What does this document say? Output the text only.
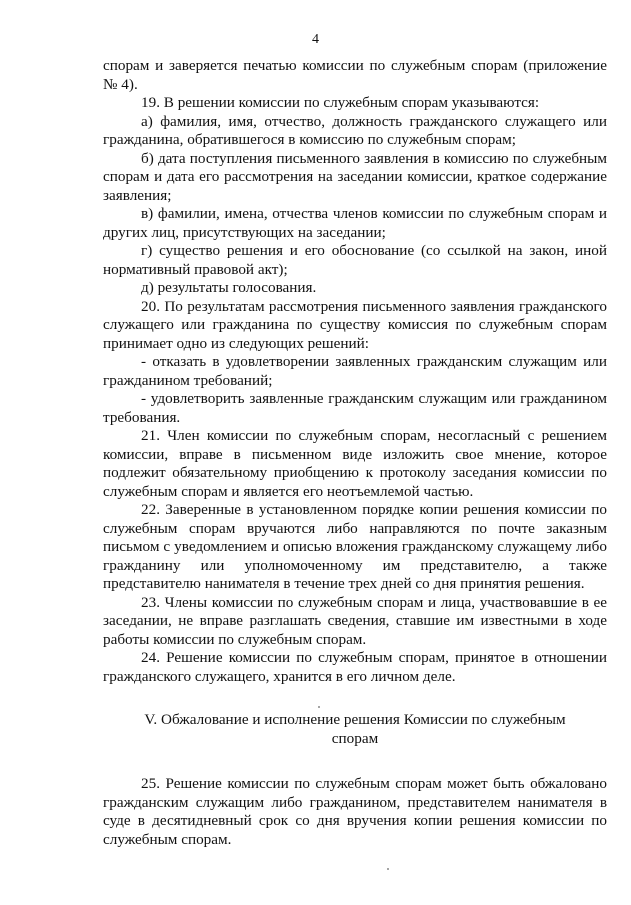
4

спорам и заверяется печатью комиссии по служебным спорам (приложение № 4).

19. В решении комиссии по служебным спорам указываются:

а) фамилия, имя, отчество, должность гражданского служащего или гражданина, обратившегося в комиссию по служебным спорам;

б) дата поступления письменного заявления в комиссию по служебным спорам и дата его рассмотрения на заседании комиссии, краткое содержание заявления;

в) фамилии, имена, отчества членов комиссии по служебным спорам и других лиц, присутствующих на заседании;

г) существо решения и его обоснование (со ссылкой на закон, иной нормативный правовой акт);

д) результаты голосования.

20. По результатам рассмотрения письменного заявления гражданского служащего или гражданина по существу комиссия по служебным спорам принимает одно из следующих решений:

- отказать в удовлетворении заявленных гражданским служащим или гражданином требований;

- удовлетворить заявленные гражданским служащим или гражданином требования.

21. Член комиссии по служебным спорам, несогласный с решением комиссии, вправе в письменном виде изложить свое мнение, которое подлежит обязательному приобщению к протоколу заседания комиссии по служебным спорам и является его неотъемлемой частью.

22. Заверенные в установленном порядке копии решения комиссии по служебным спорам вручаются либо направляются по почте заказным письмом с уведомлением и описью вложения гражданскому служащему либо гражданину или уполномоченному им представителю, а также представителю нанимателя в течение трех дней со дня принятия решения.

23. Члены комиссии по служебным спорам и лица, участвовавшие в ее заседании, не вправе разглашать сведения, ставшие им известными в ходе работы комиссии по служебным спорам.

24. Решение комиссии по служебным спорам, принятое в отношении гражданского служащего, хранится в его личном деле.

V. Обжалование и исполнение решения Комиссии по служебным спорам

25. Решение комиссии по служебным спорам может быть обжаловано гражданским служащим либо гражданином, представителем нанимателя в суде в десятидневный срок со дня вручения копии решения комиссии по служебным спорам.
